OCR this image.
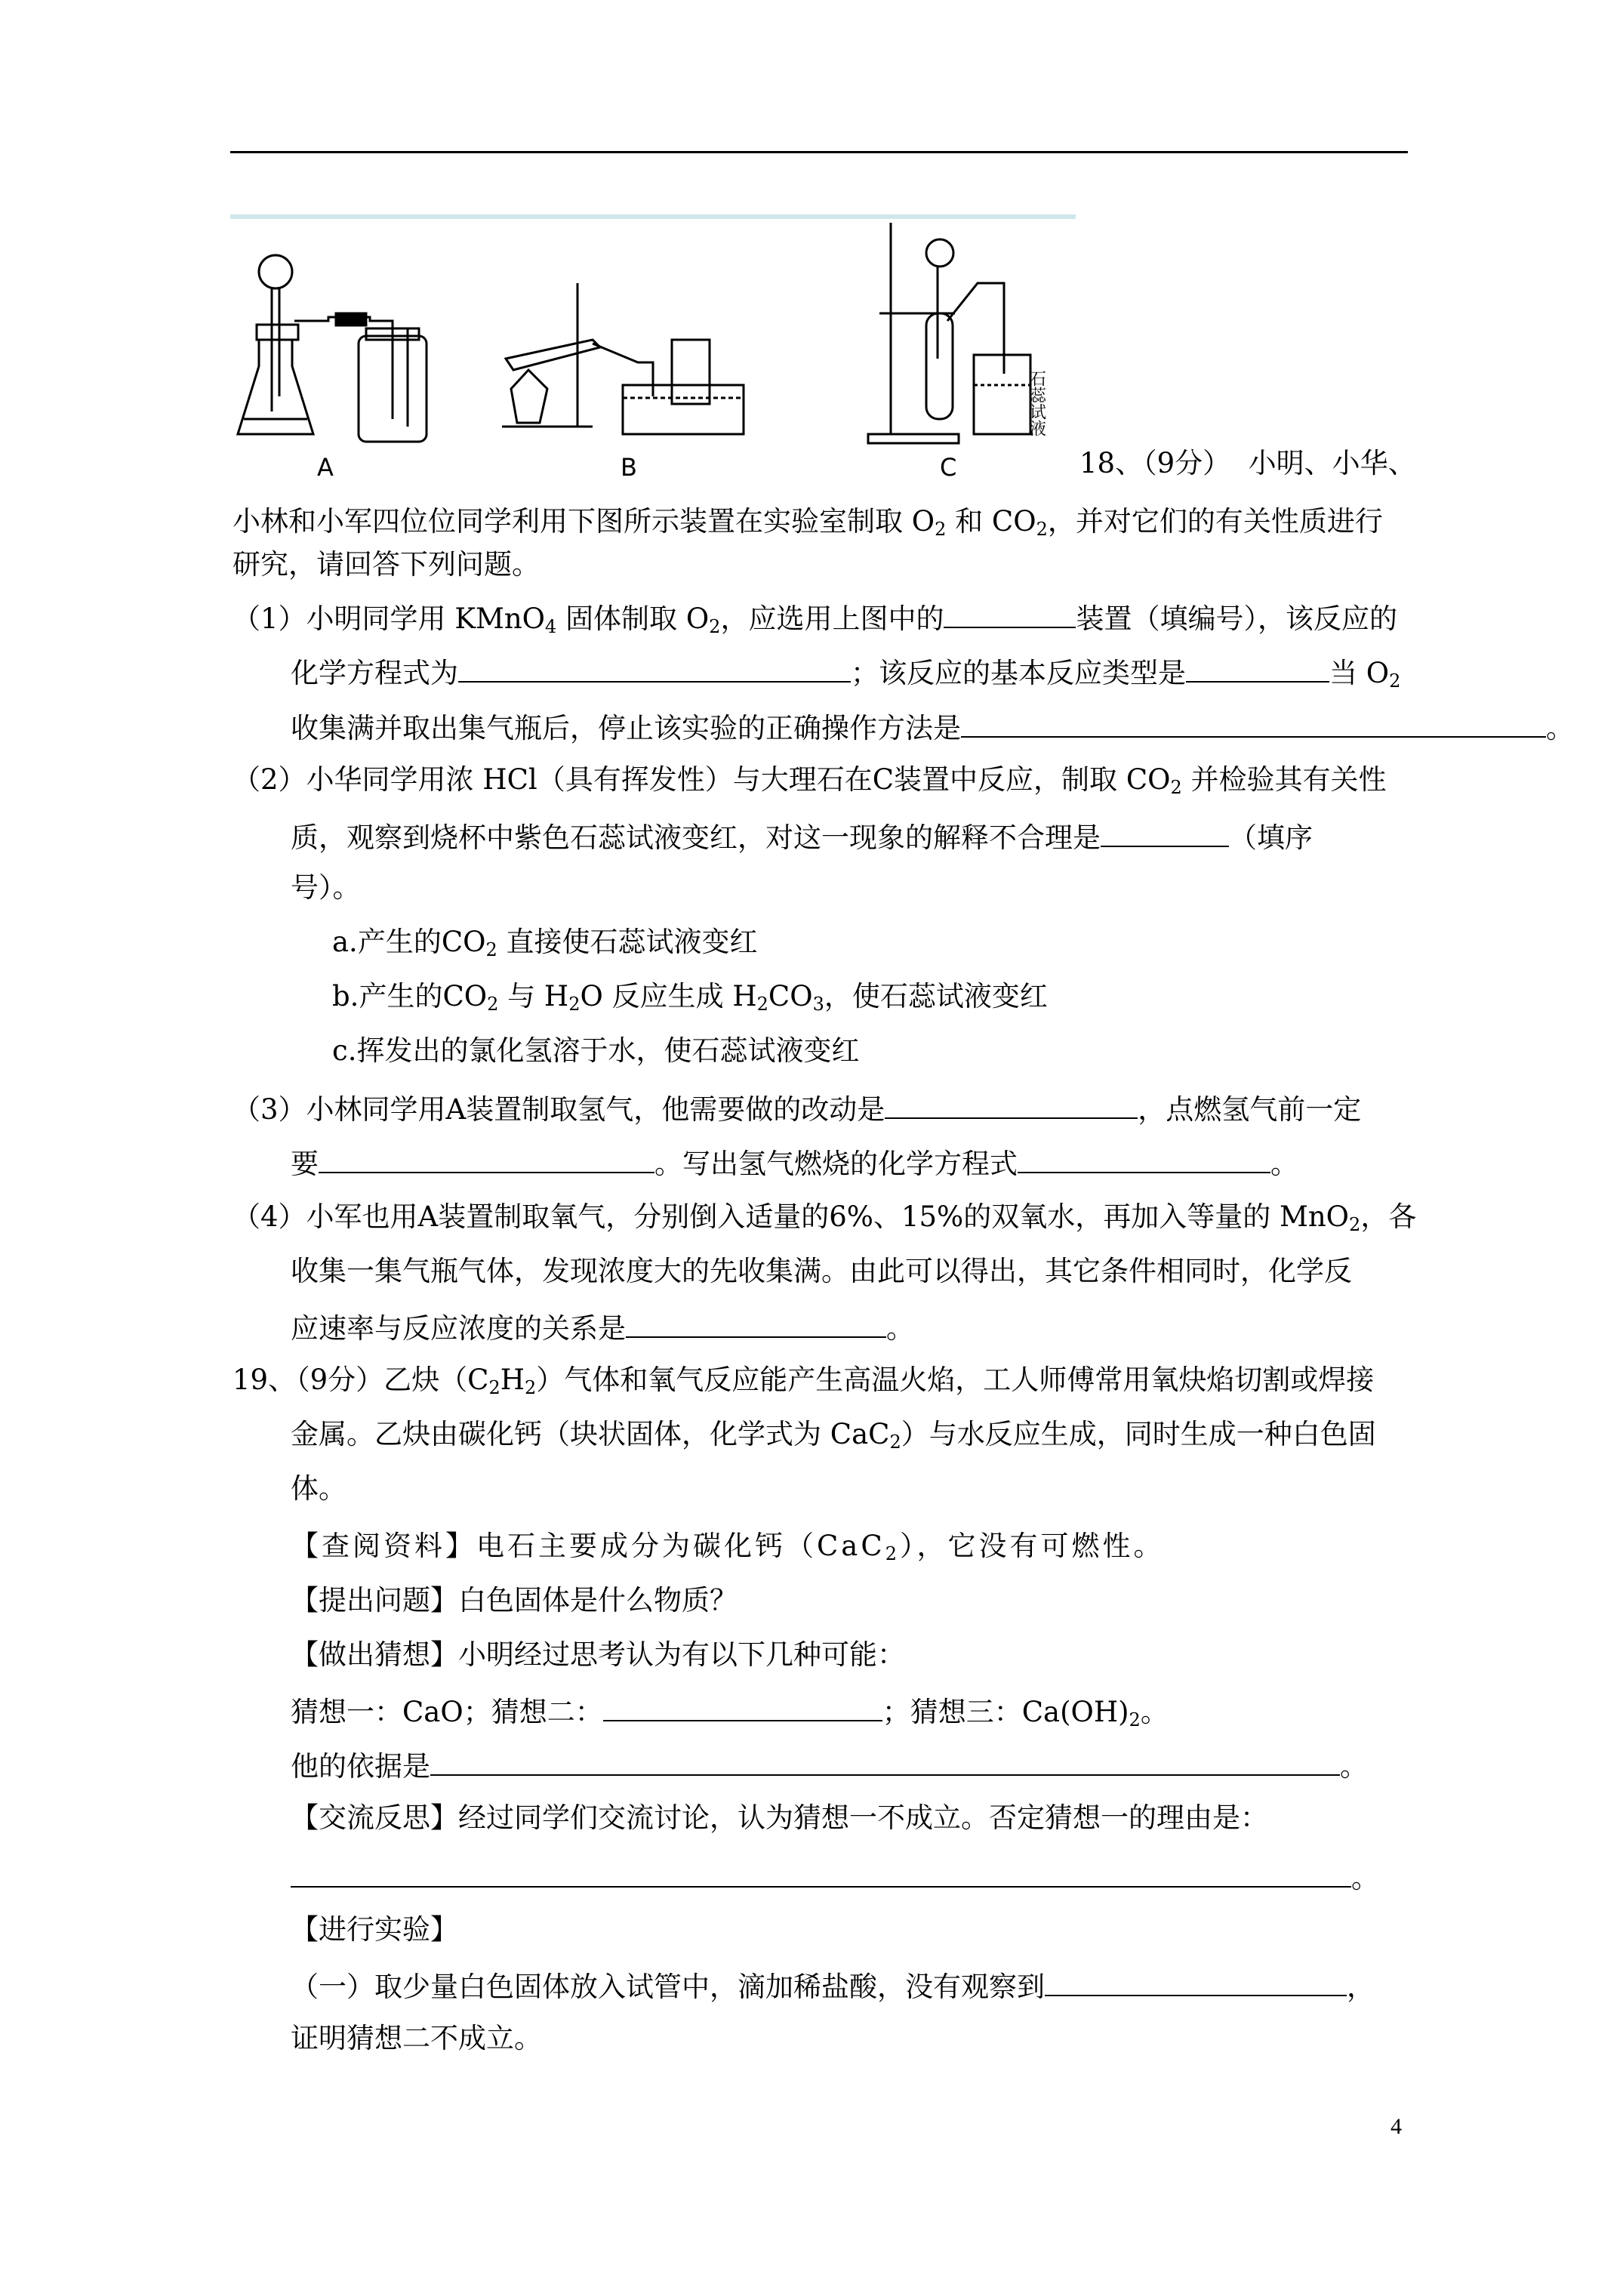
石蕊试液
A	B	C	18、（9分） 小明、小华、
小林和小军四位位同学利用下图所示装置在实验室制取 $O_2$ 和 $CO_2$，并对它们的有关性质进行
研究，请回答下列问题。
（1）小明同学用 KMnO$_4$ 固体制取 $O_2$，应选用上图中的	装置（填编号），该反应的
化学方程式为	；该反应的基本反应类型是	当 $O_2$
收集满并取出集气瓶后，停止该实验的正确操作方法是	。
（2）小华同学用浓 HCl（具有挥发性）与大理石在C装置中反应，制取 $CO_2$ 并检验其有关性
质，观察到烧杯中紫色石蕊试液变红，对这一现象的解释不合理是	（填序
号）。
a.产生的$CO_2$ 直接使石蕊试液变红
b.产生的$CO_2$ 与 $H_2O$ 反应生成 $H_2CO_3$，使石蕊试液变红
c.挥发出的氯化氢溶于水，使石蕊试液变红
（3）小林同学用A装置制取氢气，他需要做的改动是	，点燃氢气前一定
要	。写出氢气燃烧的化学方程式	。
（4）小军也用A装置制取氧气，分别倒入适量的6%、15%的双氧水，再加入等量的 MnO$_2$，各
收集一集气瓶气体，发现浓度大的先收集满。由此可以得出，其它条件相同时，化学反
应速率与反应浓度的关系是	。
19、（9分）乙炔$(C_2H_2)$气体和氧气反应能产生高温火焰，工人师傅常用氧炔焰切割或焊接
金属。乙炔由碳化钙（块状固体，化学式为 CaC$_2$）与水反应生成，同时生成一种白色固
体。
【查阅资料】电石主要成分为碳化钙（CaC$_2$），它没有可燃性。
【提出问题】白色固体是什么物质？
【做出猜想】小明经过思考认为有以下几种可能：
猜想一：CaO；猜想二：	；猜想三：$Ca(OH)_2$。
他的依据是	。
【交流反思】经过同学们交流讨论，认为猜想一不成立。否定猜想一的理由是：
。
【进行实验】
（一）取少量白色固体放入试管中，滴加稀盐酸，没有观察到	，
证明猜想二不成立。
4
